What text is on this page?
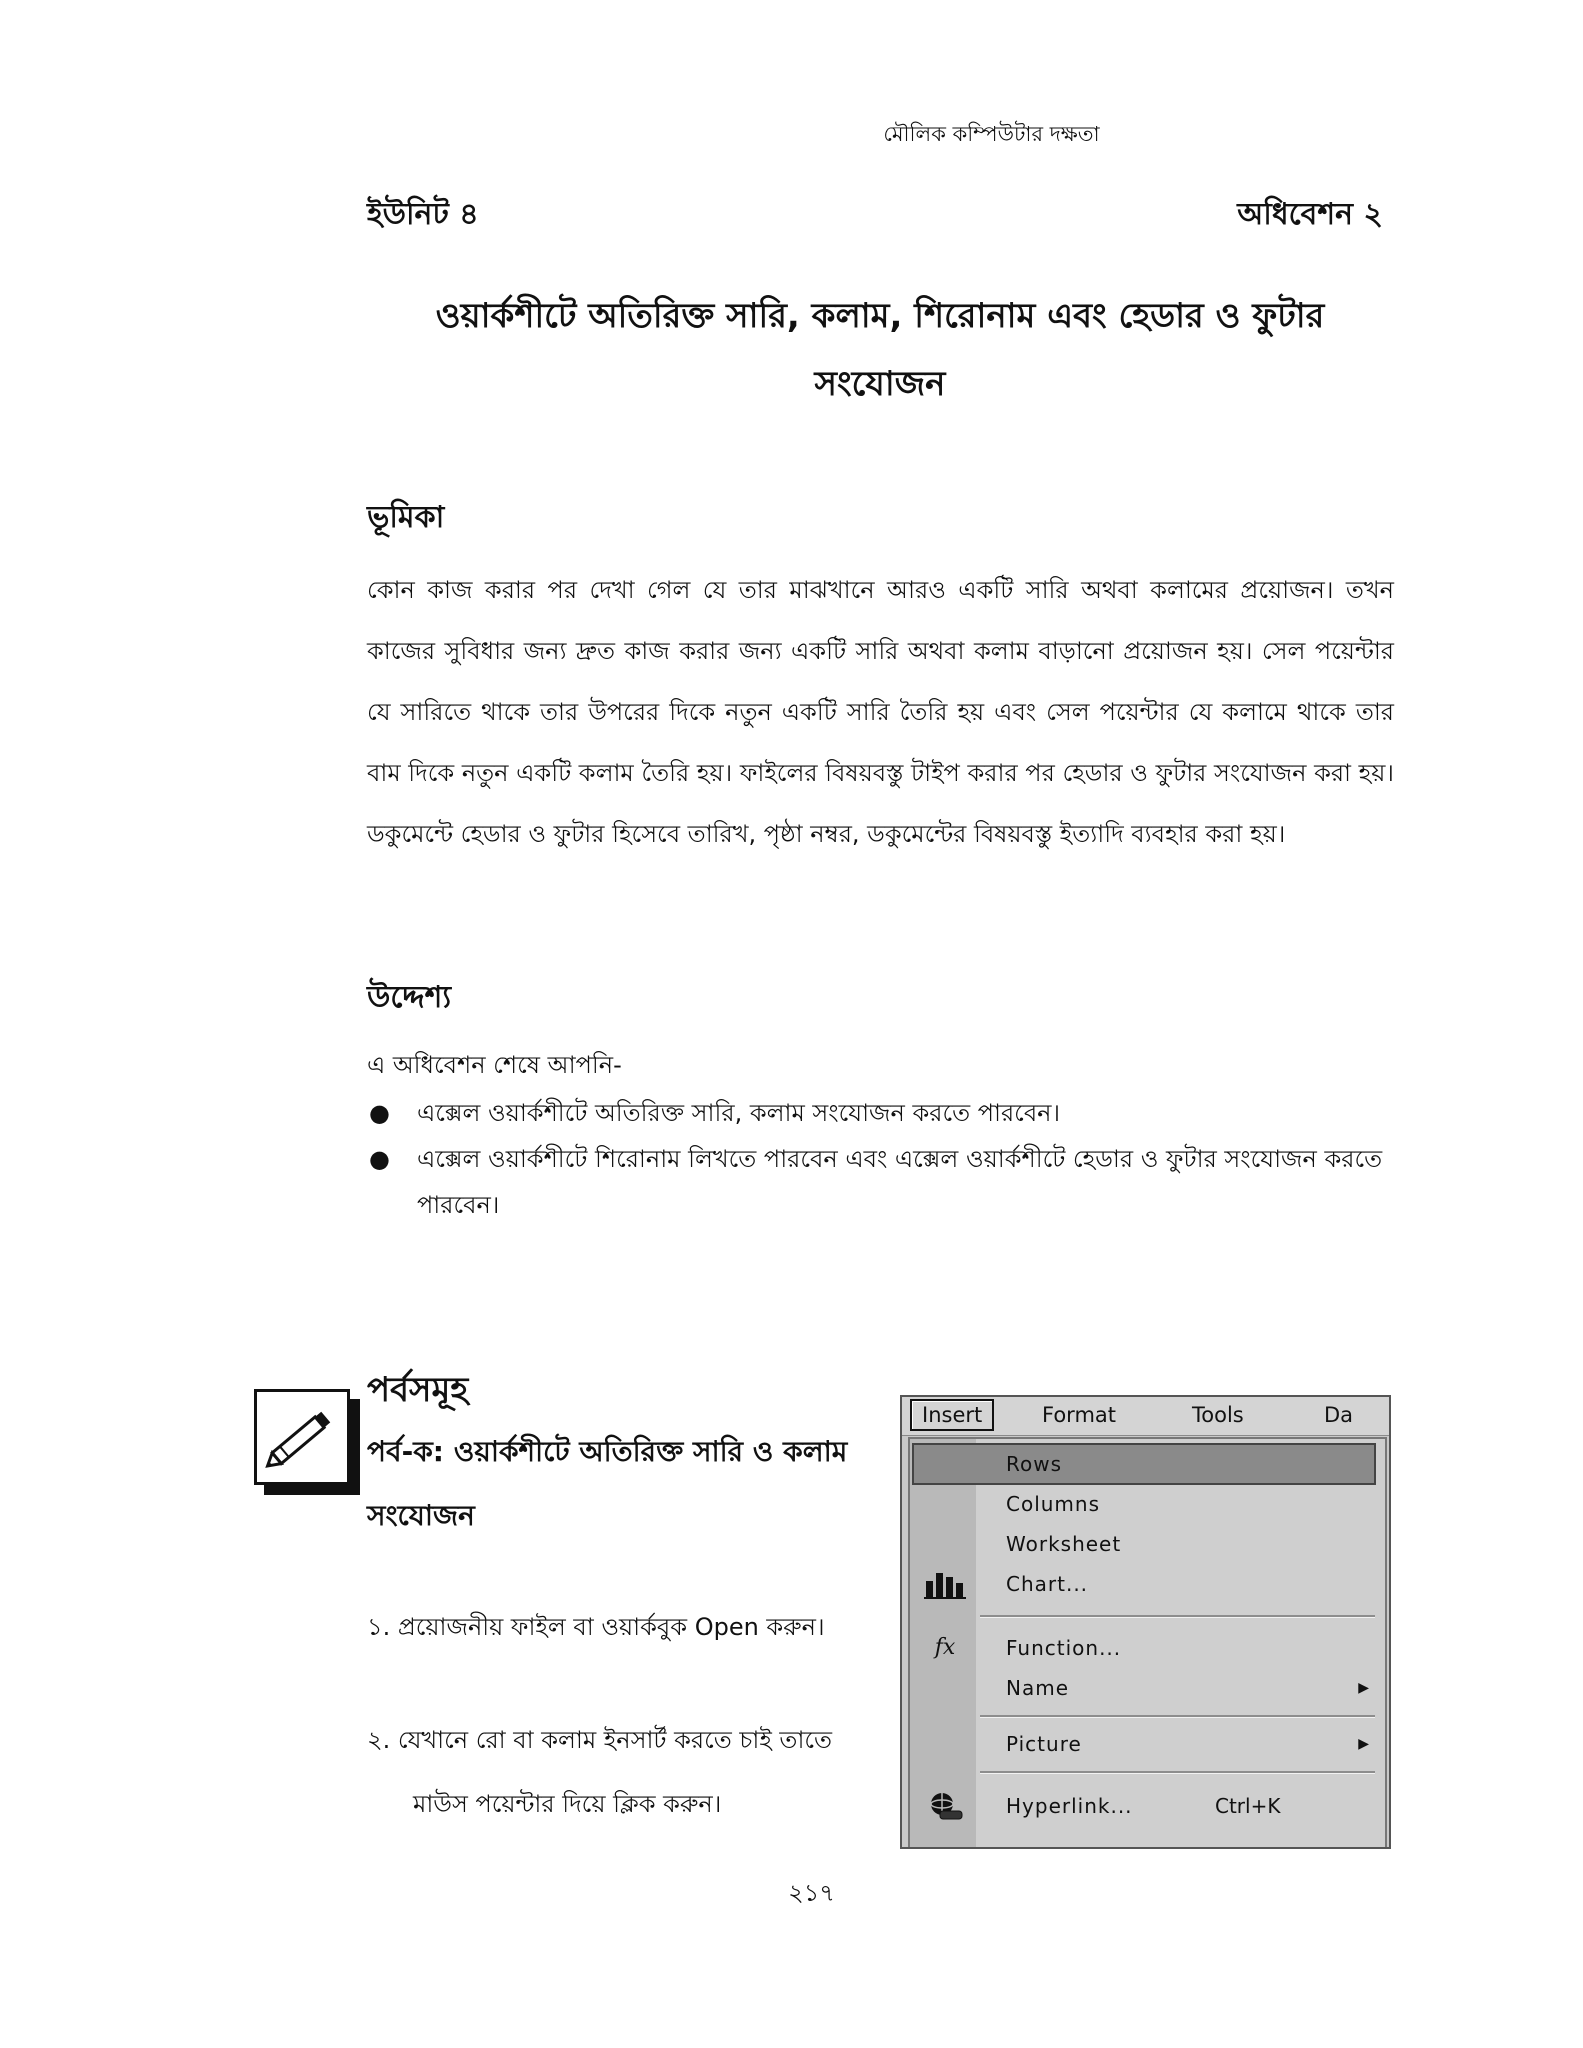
মৌলিক কম্পিউটার দক্ষতা
ইউনিট ৪	অধিবেশন ২
ওয়ার্কশীটে অতিরিক্ত সারি, কলাম, শিরোনাম এবং হেডার ও ফুটার
সংযোজন
ভূমিকা
কোন কাজ করার পর দেখা গেল যে তার মাঝখানে আরও একটি সারি অথবা কলামের প্রয়োজন। তখন কাজের সুবিধার জন্য দ্রুত কাজ করার জন্য একটি সারি অথবা কলাম বাড়ানো প্রয়োজন হয়। সেল পয়েন্টার যে সারিতে থাকে তার উপরের দিকে নতুন একটি সারি তৈরি হয় এবং সেল পয়েন্টার যে কলামে থাকে তার বাম দিকে নতুন একটি কলাম তৈরি হয়। ফাইলের বিষয়বস্তু টাইপ করার পর হেডার ও ফুটার সংযোজন করা হয়। ডকুমেন্টে হেডার ও ফুটার হিসেবে তারিখ, পৃষ্ঠা নম্বর, ডকুমেন্টের বিষয়বস্তু ইত্যাদি ব্যবহার করা হয়।
উদ্দেশ্য
এ অধিবেশন শেষে আপনি-
● এক্সেল ওয়ার্কশীটে অতিরিক্ত সারি, কলাম সংযোজন করতে পারবেন।
● এক্সেল ওয়ার্কশীটে শিরোনাম লিখতে পারবেন এবং এক্সেল ওয়ার্কশীটে হেডার ও ফুটার সংযোজন করতে পারবেন।
পর্বসমূহ
পর্ব-ক: ওয়ার্কশীটে অতিরিক্ত সারি ও কলাম সংযোজন
১. প্রয়োজনীয় ফাইল বা ওয়ার্কবুক Open করুন।
২. যেখানে রো বা কলাম ইনসার্ট করতে চাই তাতে মাউস পয়েন্টার দিয়ে ক্লিক করুন।
Insert	Format	Tools	Da
Rows
Columns
Worksheet
Chart...
fx	Function...
Name	▶
Picture	▶
Hyperlink...	Ctrl+K
২১৭
